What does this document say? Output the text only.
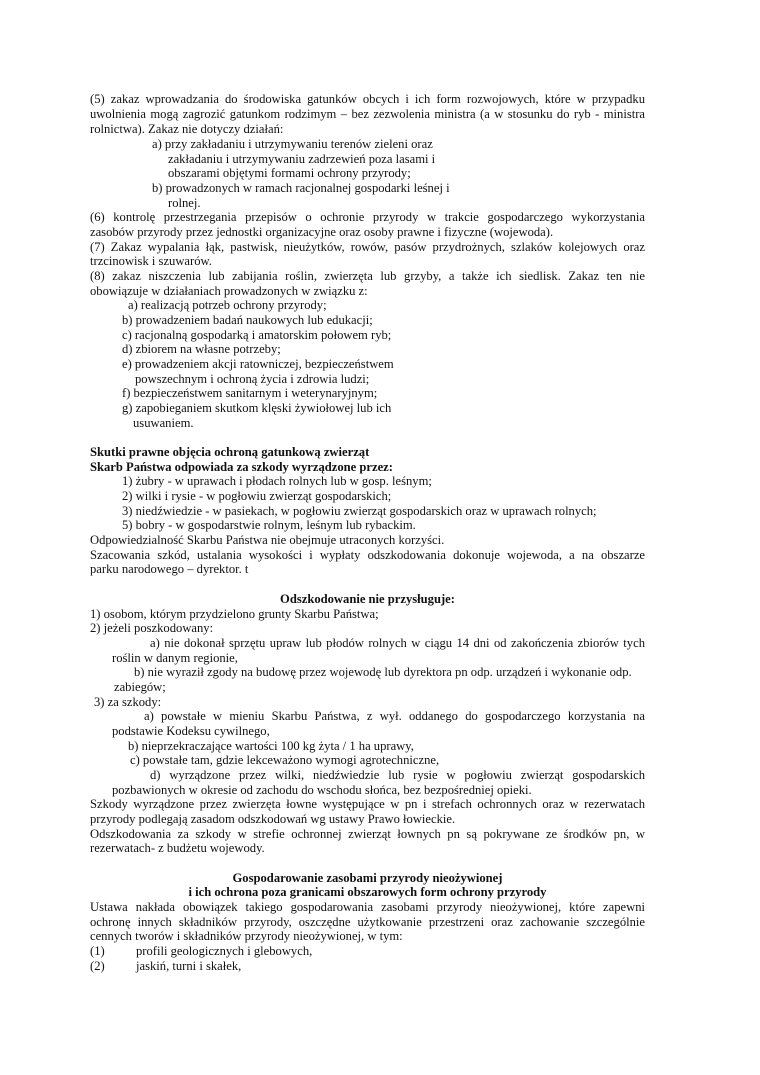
(5) zakaz wprowadzania do środowiska gatunków obcych i ich form rozwojowych, które w przypadku
uwolnienia mogą zagrozić gatunkom rodzimym – bez zezwolenia ministra (a w stosunku do ryb - ministra
rolnictwa). Zakaz nie dotyczy działań:
a) przy zakładaniu i utrzymywaniu terenów zieleni oraz
zakładaniu i utrzymywaniu zadrzewień poza lasami i
obszarami objętymi formami ochrony przyrody;
b) prowadzonych w ramach racjonalnej gospodarki leśnej i
rolnej.
(6) kontrolę przestrzegania przepisów o ochronie przyrody w trakcie gospodarczego wykorzystania
zasobów przyrody przez jednostki organizacyjne oraz osoby prawne i fizyczne (wojewoda).
(7) Zakaz wypalania łąk, pastwisk, nieużytków, rowów, pasów przydrożnych, szlaków kolejowych oraz
trzcinowisk i szuwarów.
(8) zakaz niszczenia lub zabijania roślin, zwierzęta lub grzyby, a także ich siedlisk. Zakaz ten nie
obowiązuje w działaniach prowadzonych w związku z:
a) realizacją potrzeb ochrony przyrody;
b) prowadzeniem badań naukowych lub edukacji;
c) racjonalną gospodarką i amatorskim połowem ryb;
d) zbiorem na własne potrzeby;
e) prowadzeniem akcji ratowniczej, bezpieczeństwem
powszechnym i ochroną życia i zdrowia ludzi;
f) bezpieczeństwem sanitarnym i weterynaryjnym;
g) zapobieganiem skutkom klęski żywiołowej lub ich
usuwaniem.
Skutki prawne objęcia ochroną gatunkową zwierząt
Skarb Państwa odpowiada za szkody wyrządzone przez:
1) żubry - w uprawach i płodach rolnych lub w gosp. leśnym;
2) wilki i rysie - w pogłowiu zwierząt gospodarskich;
3) niedźwiedzie - w pasiekach, w pogłowiu zwierząt gospodarskich oraz w uprawach rolnych;
5) bobry - w gospodarstwie rolnym, leśnym lub rybackim.
Odpowiedzialność Skarbu Państwa nie obejmuje utraconych korzyści.
Szacowania szkód, ustalania wysokości i wypłaty odszkodowania dokonuje wojewoda, a na obszarze
parku narodowego – dyrektor. t
Odszkodowanie nie przysługuje:
1) osobom, którym przydzielono grunty Skarbu Państwa;
2) jeżeli poszkodowany:
a) nie dokonał sprzętu upraw lub płodów rolnych w ciągu 14 dni od zakończenia zbiorów tych
roślin w danym regionie,
b) nie wyraził zgody na budowę przez wojewodę lub dyrektora pn odp. urządzeń i wykonanie odp.
zabiegów;
3) za szkody:
a) powstałe w mieniu Skarbu Państwa, z wył. oddanego do gospodarczego korzystania na
podstawie Kodeksu cywilnego,
b) nieprzekraczające wartości 100 kg żyta / 1 ha uprawy,
c) powstałe tam, gdzie lekceważono wymogi agrotechniczne,
d) wyrządzone przez wilki, niedźwiedzie lub rysie w pogłowiu zwierząt gospodarskich
pozbawionych w okresie od zachodu do wschodu słońca, bez bezpośredniej opieki.
Szkody wyrządzone przez zwierzęta łowne występujące w pn i strefach ochronnych oraz w rezerwatach
przyrody podlegają zasadom odszkodowań wg ustawy Prawo łowieckie.
Odszkodowania za szkody w strefie ochronnej zwierząt łownych pn są pokrywane ze środków pn, w
rezerwatach- z budżetu wojewody.
Gospodarowanie zasobami przyrody nieożywionej
i ich ochrona poza granicami obszarowych form ochrony przyrody
Ustawa nakłada obowiązek takiego gospodarowania zasobami przyrody nieożywionej, które zapewni
ochronę innych składników przyrody, oszczędne użytkowanie przestrzeni oraz zachowanie szczególnie
cennych tworów i składników przyrody nieożywionej, w tym:
(1) profili geologicznych i glebowych,
(2) jaskiń, turni i skałek,
